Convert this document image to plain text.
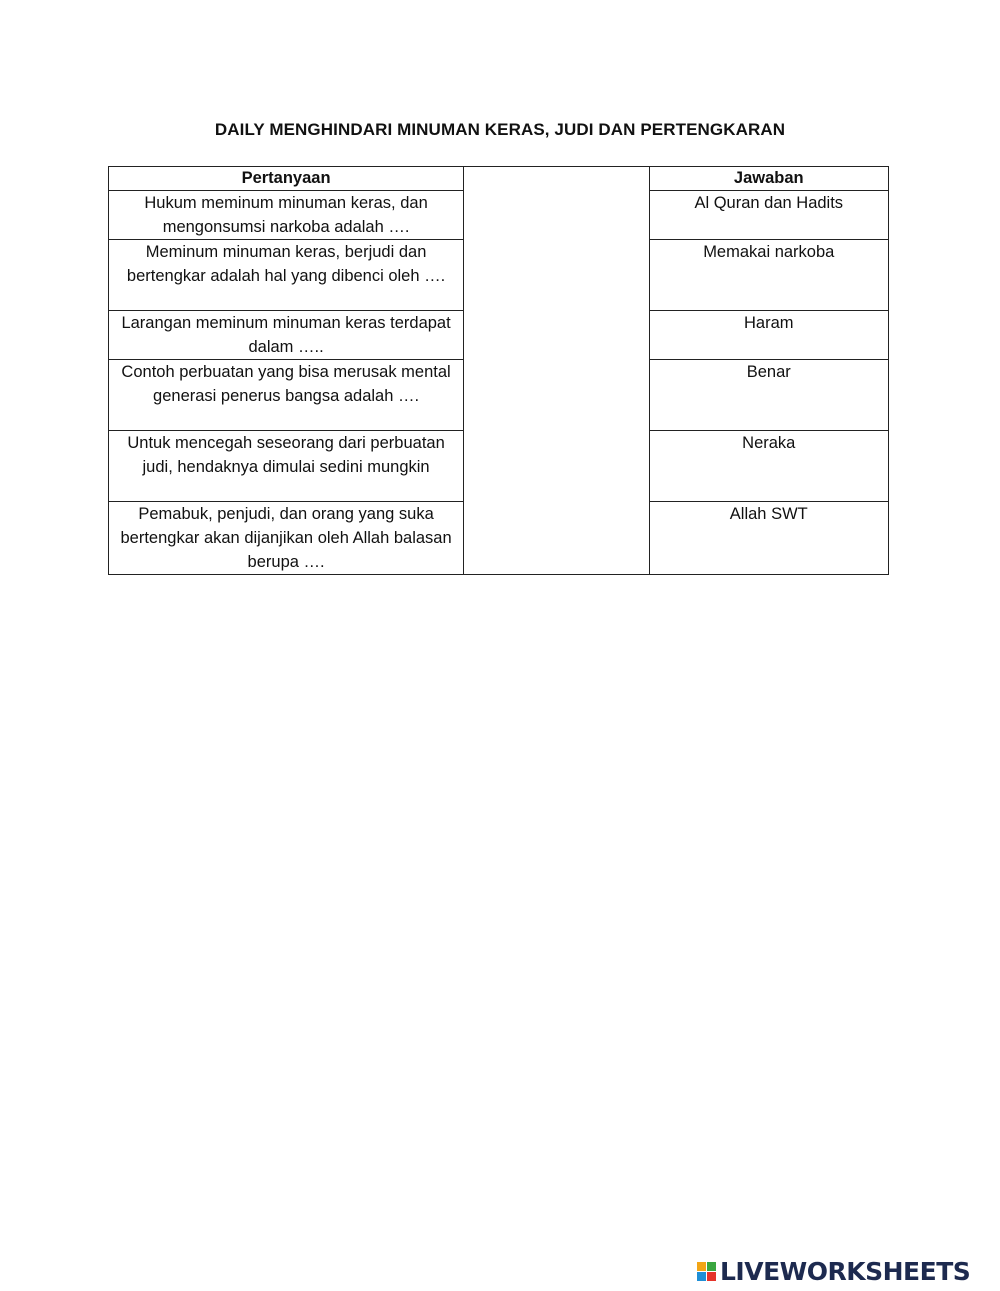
DAILY MENGHINDARI MINUMAN KERAS, JUDI DAN PERTENGKARAN
Pertanyaan		Jawaban
Hukum meminum minuman keras, dan mengonsumsi narkoba adalah ….		Al Quran dan Hadits
Meminum minuman keras, berjudi dan bertengkar adalah hal yang dibenci oleh ….		Memakai narkoba
Larangan meminum minuman keras terdapat dalam …..		Haram
Contoh perbuatan yang bisa merusak mental generasi penerus bangsa adalah ….		Benar
Untuk mencegah seseorang dari perbuatan judi, hendaknya dimulai sedini mungkin		Neraka
Pemabuk, penjudi, dan orang yang suka bertengkar akan dijanjikan oleh Allah balasan berupa ….		Allah SWT
LIVEWORKSHEETS
